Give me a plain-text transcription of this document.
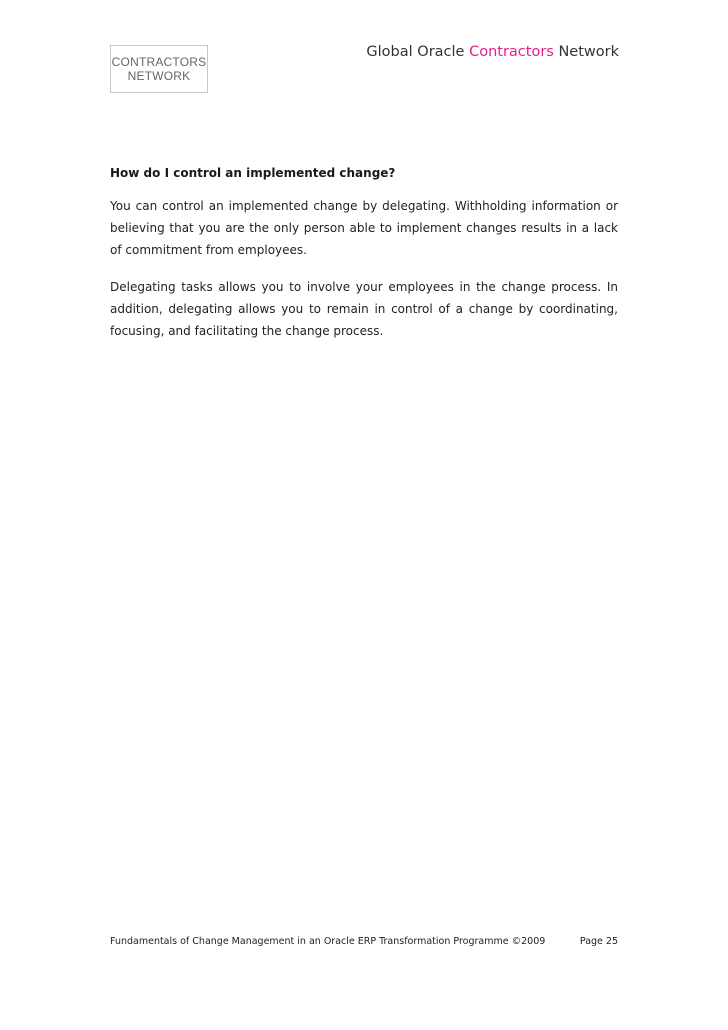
CONTRACTORS
NETWORK
Global Oracle Contractors Network

How do I control an implemented change?

You can control an implemented change by delegating. Withholding information or believing that you are the only person able to implement changes results in a lack of commitment from employees.

Delegating tasks allows you to involve your employees in the change process. In addition, delegating allows you to remain in control of a change by coordinating, focusing, and facilitating the change process.

Fundamentals of Change Management in an Oracle ERP Transformation Programme ©2009	Page 25
